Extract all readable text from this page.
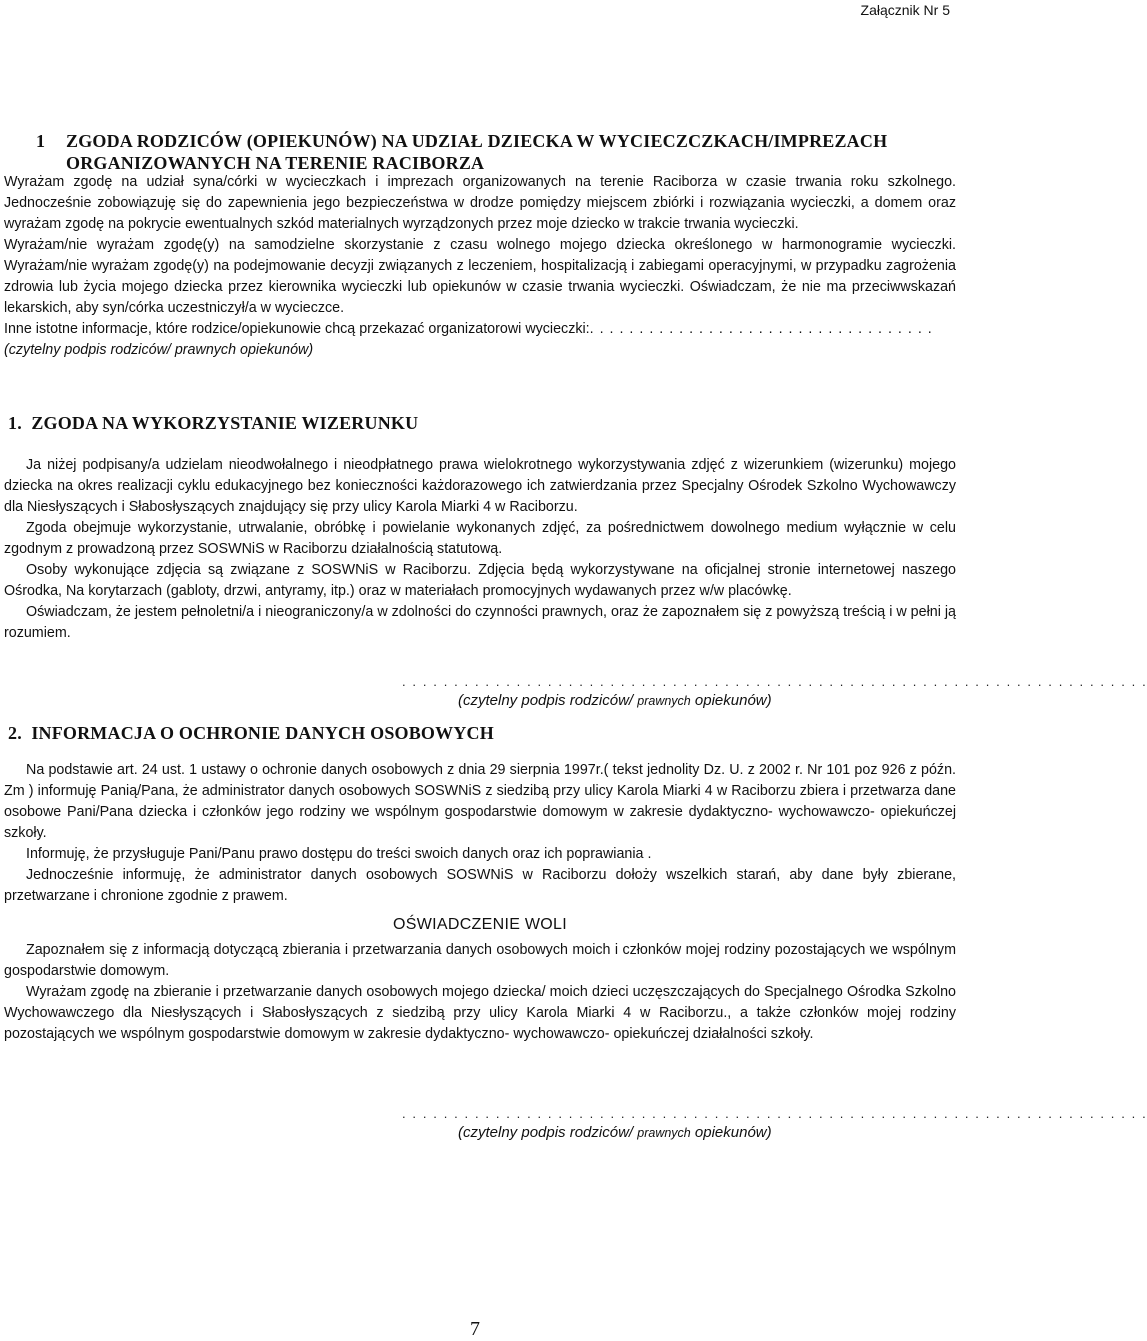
Załącznik Nr 5
1 ZGODA RODZICÓW (OPIEKUNÓW) NA UDZIAŁ DZIECKA W WYCIECZCZKACH/IMPREZACH
ORGANIZOWANYCH NA TERENIE RACIBORZA

Wyrażam zgodę na udział syna/córki w wycieczkach i imprezach organizowanych na terenie Raciborza w czasie trwania roku szkolnego. Jednocześnie zobowiązuję się do zapewnienia jego bezpieczeństwa w drodze pomiędzy miejscem zbiórki i rozwiązania wycieczki, a domem oraz wyrażam zgodę na pokrycie ewentualnych szkód materialnych wyrządzonych przez moje dziecko w trakcie trwania wycieczki.

Wyrażam/nie wyrażam zgodę(y) na samodzielne skorzystanie z czasu wolnego mojego dziecka określonego w harmonogramie wycieczki. Wyrażam/nie wyrażam zgodę(y) na podejmowanie decyzji związanych z leczeniem, hospitalizacją i zabiegami operacyjnymi, w przypadku zagrożenia zdrowia lub życia mojego dziecka przez kierownika wycieczki lub opiekunów w czasie trwania wycieczki. Oświadczam, że nie ma przeciwwskazań lekarskich, aby syn/córka uczestniczył/a w wycieczce.

Inne istotne informacje, które rodzice/opiekunowie chcą przekazać organizatorowi wycieczki:. . . . . . . . . . . . . . . . . . . . . . . . . . . . . . . . . . .

(czytelny podpis rodziców/ prawnych opiekunów)

1. ZGODA NA WYKORZYSTANIE WIZERUNKU

Ja niżej podpisany/a udzielam nieodwołalnego i nieodpłatnego prawa wielokrotnego wykorzystywania zdjęć z wizerunkiem (wizerunku) mojego dziecka na okres realizacji cyklu edukacyjnego bez konieczności każdorazowego ich zatwierdzania przez Specjalny Ośrodek Szkolno Wychowawczy dla Niesłyszących i Słabosłyszących znajdujący się przy ulicy Karola Miarki 4 w Raciborzu.

Zgoda obejmuje wykorzystanie, utrwalanie, obróbkę i powielanie wykonanych zdjęć, za pośrednictwem dowolnego medium wyłącznie w celu zgodnym z prowadzoną przez SOSWNiS w Raciborzu działalnością statutową.

Osoby wykonujące zdjęcia są związane z SOSWNiS w Raciborzu. Zdjęcia będą wykorzystywane na oficjalnej stronie internetowej naszego Ośrodka, Na korytarzach (gabloty, drzwi, antyramy, itp.) oraz w materiałach promocyjnych wydawanych przez w/w placówkę.

Oświadczam, że jestem pełnoletni/a i nieograniczony/a w zdolności do czynności prawnych, oraz że zapoznałem się z powyższą treścią i w pełni ją rozumiem.

. . . . . . . . . . . . . . . . . . . . . . . . . . . . . . . . . . . . . . . . . . . . . . . . . . . . . . . . . . . . . . . . . . . . . . . .
(czytelny podpis rodziców/ prawnych opiekunów)
2. INFORMACJA O OCHRONIE DANYCH OSOBOWYCH

Na podstawie art. 24 ust. 1 ustawy o ochronie danych osobowych z dnia 29 sierpnia 1997r.( tekst jednolity Dz. U. z 2002 r. Nr 101 poz 926 z późn. Zm ) informuję Panią/Pana, że administrator danych osobowych SOSWNiS z siedzibą przy ulicy Karola Miarki 4 w Raciborzu zbiera i przetwarza dane osobowe Pani/Pana dziecka i członków jego rodziny we wspólnym gospodarstwie domowym w zakresie dydaktyczno- wychowawczo- opiekuńczej szkoły.

Informuję, że przysługuje Pani/Panu prawo dostępu do treści swoich danych oraz ich poprawiania .

Jednocześnie informuję, że administrator danych osobowych SOSWNiS w Raciborzu dołoży wszelkich starań, aby dane były zbierane, przetwarzane i chronione zgodnie z prawem.

OŚWIADCZENIE WOLI

Zapoznałem się z informacją dotyczącą zbierania i przetwarzania danych osobowych moich i członków mojej rodziny pozostających we wspólnym gospodarstwie domowym.

Wyrażam zgodę na zbieranie i przetwarzanie danych osobowych mojego dziecka/ moich dzieci uczęszczających do Specjalnego Ośrodka Szkolno Wychowawczego dla Niesłyszących i Słabosłyszących z siedzibą przy ulicy Karola Miarki 4 w Raciborzu., a także członków mojej rodziny pozostających we wspólnym gospodarstwie domowym w zakresie dydaktyczno- wychowawczo- opiekuńczej działalności szkoły.

. . . . . . . . . . . . . . . . . . . . . . . . . . . . . . . . . . . . . . . . . . . . . . . . . . . . . . . . . . . . . . . . . . . . . . . .
(czytelny podpis rodziców/ prawnych opiekunów)
7
